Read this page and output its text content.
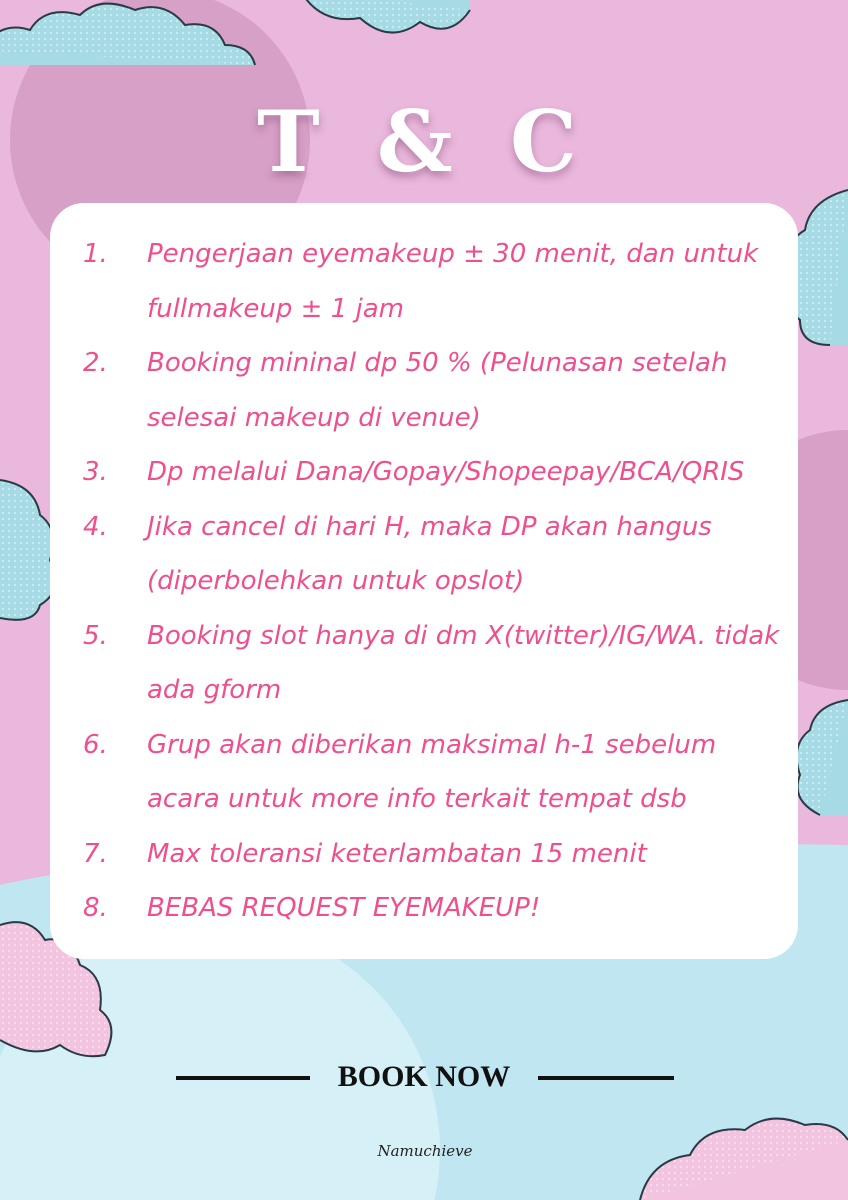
T & C
1.	Pengerjaan eyemakeup ± 30 menit, dan untuk fullmakeup ± 1 jam
2.	Booking mininal dp 50 % (Pelunasan setelah selesai makeup di venue)
3.	Dp melalui Dana/Gopay/Shopeepay/BCA/QRIS
4.	Jika cancel di hari H, maka DP akan hangus (diperbolehkan untuk opslot)
5.	Booking slot hanya di dm X(twitter)/IG/WA. tidak ada gform
6.	Grup akan diberikan maksimal h-1 sebelum acara untuk more info terkait tempat dsb
7.	Max toleransi keterlambatan 15 menit
8.	BEBAS REQUEST EYEMAKEUP!
BOOK NOW
Namuchieve
